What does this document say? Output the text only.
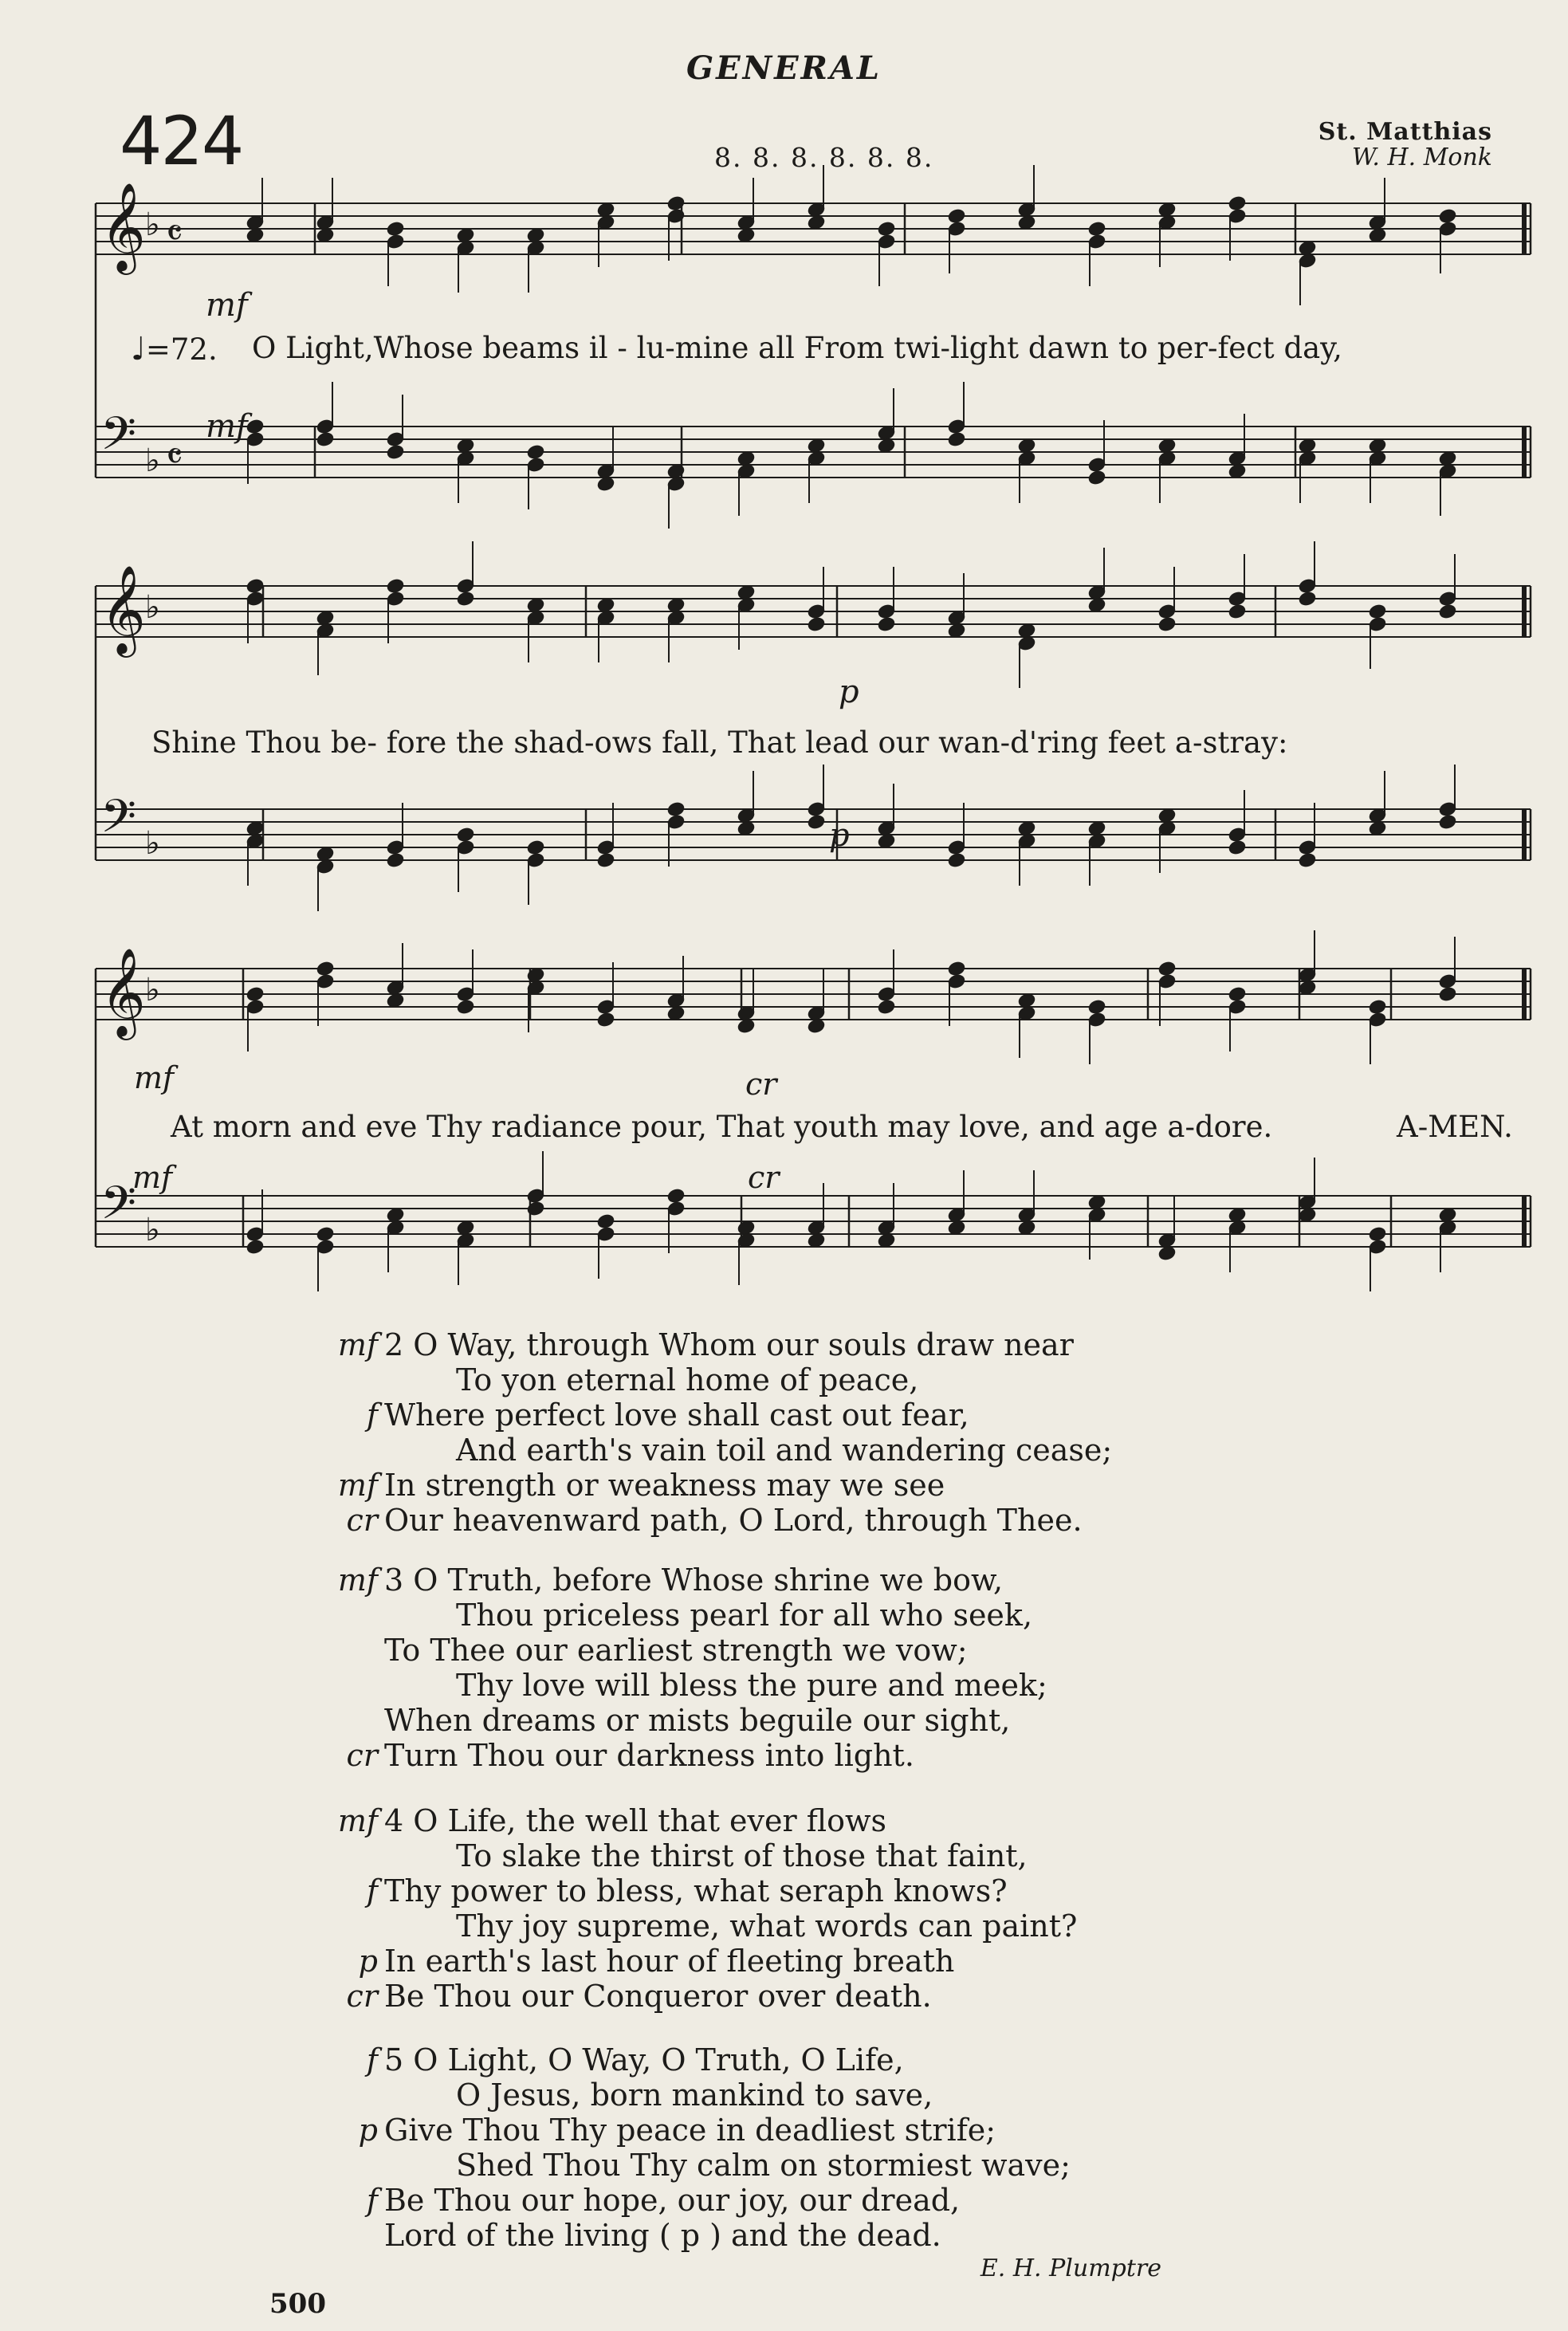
GENERAL
424	8. 8. 8. 8. 8. 8.
St. Matthias
W. H. Monk
𝄞 ♭ 𝄴
𝄢 ♭ 𝄴
𝄞 ♭
𝄢 ♭
𝄞 ♭
𝄢 ♭
mf
mf
p
p
mf	cr
mf	cr
♩=72. O Light,Whose beams il - lu-mine all From twi-light dawn to per-fect day,
Shine Thou be- fore the shad-ows fall, That lead our wan-d'ring feet a-stray:
At morn and eve Thy radiance pour, That youth may love, and age a-dore.	A-MEN.
mf 2 O Way, through Whom our souls draw near
To yon eternal home of peace,
f Where perfect love shall cast out fear,
And earth's vain toil and wandering cease;
mf In strength or weakness may we see
cr Our heavenward path, O Lord, through Thee.
mf 3 O Truth, before Whose shrine we bow,
Thou priceless pearl for all who seek,
To Thee our earliest strength we vow;
Thy love will bless the pure and meek;
When dreams or mists beguile our sight,
cr Turn Thou our darkness into light.
mf 4 O Life, the well that ever flows
To slake the thirst of those that faint,
f Thy power to bless, what seraph knows?
Thy joy supreme, what words can paint?
p In earth's last hour of fleeting breath
cr Be Thou our Conqueror over death.
f 5 O Light, O Way, O Truth, O Life,
O Jesus, born mankind to save,
p Give Thou Thy peace in deadliest strife;
Shed Thou Thy calm on stormiest wave;
f Be Thou our hope, our joy, our dread,
Lord of the living ( p ) and the dead.
E. H. Plumptre
500
